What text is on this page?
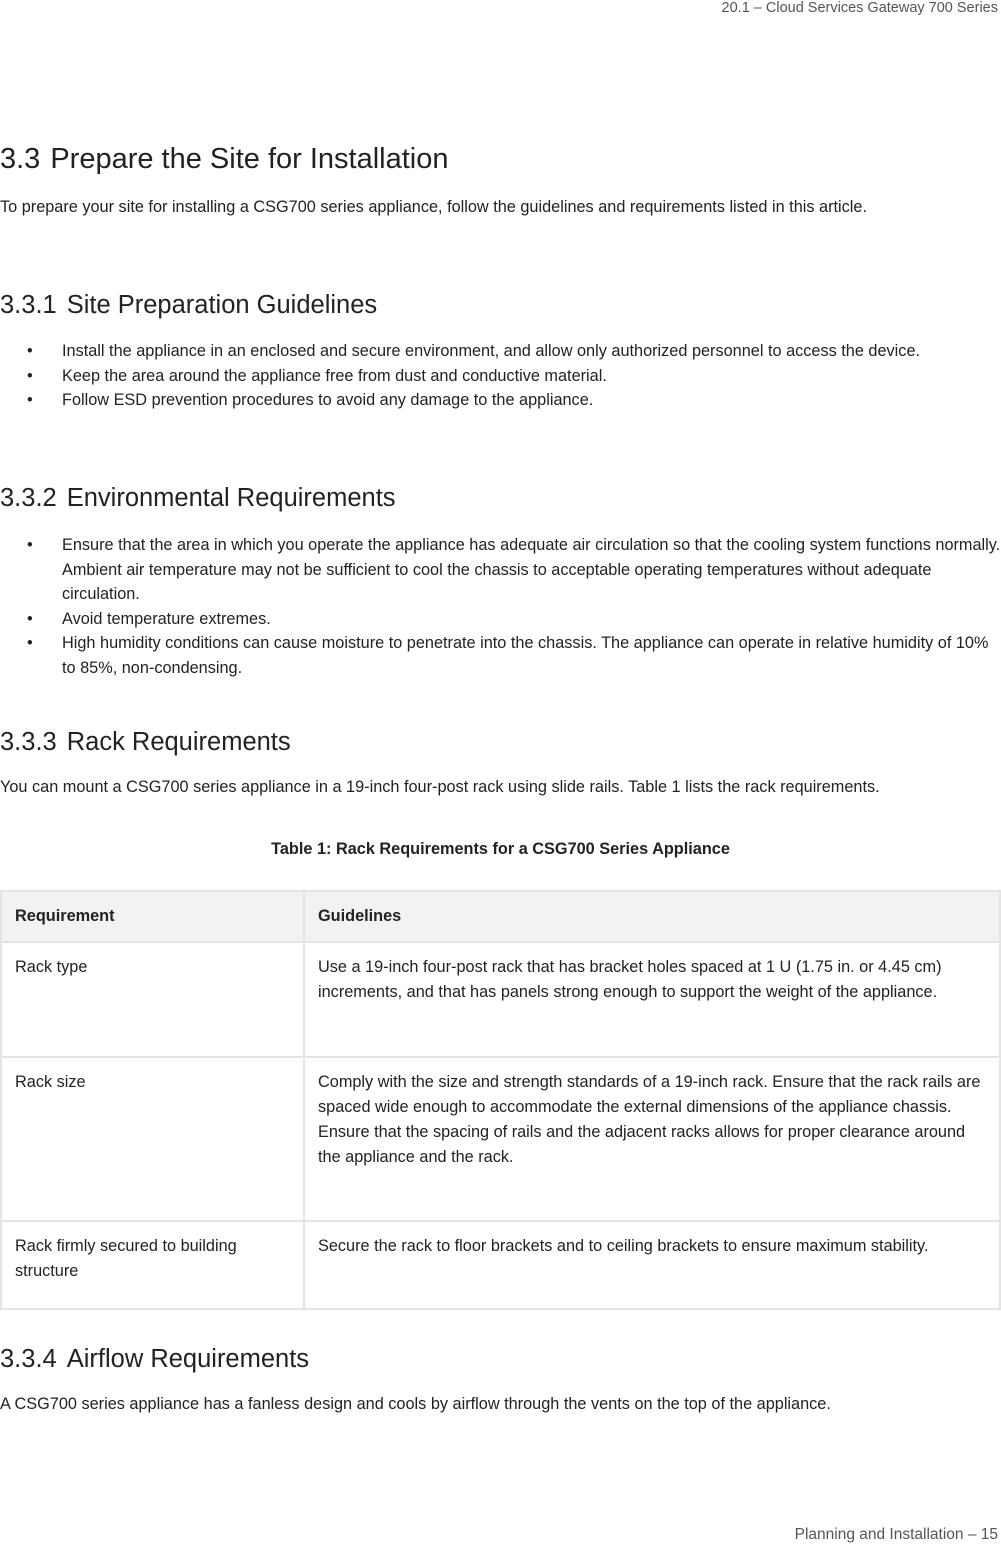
20.1 – Cloud Services Gateway 700 Series
3.3 Prepare the Site for Installation

To prepare your site for installing a CSG700 series appliance, follow the guidelines and requirements listed in this article.

3.3.1 Site Preparation Guidelines
• Install the appliance in an enclosed and secure environment, and allow only authorized personnel to access the device.
• Keep the area around the appliance free from dust and conductive material.
• Follow ESD prevention procedures to avoid any damage to the appliance.
3.3.2 Environmental Requirements
• Ensure that the area in which you operate the appliance has adequate air circulation so that the cooling system functions normally. Ambient air temperature may not be sufficient to cool the chassis to acceptable operating temperatures without adequate circulation.
• Avoid temperature extremes.
• High humidity conditions can cause moisture to penetrate into the chassis. The appliance can operate in relative humidity of 10% to 85%, non-condensing.
3.3.3 Rack Requirements

You can mount a CSG700 series appliance in a 19-inch four-post rack using slide rails. Table 1 lists the rack requirements.

Table 1: Rack Requirements for a CSG700 Series Appliance
Requirement	Guidelines
Rack type	Use a 19-inch four-post rack that has bracket holes spaced at 1 U (1.75 in. or 4.45 cm) increments, and that has panels strong enough to support the weight of the appliance.
Rack size	Comply with the size and strength standards of a 19-inch rack. Ensure that the rack rails are spaced wide enough to accommodate the external dimensions of the appliance chassis. Ensure that the spacing of rails and the adjacent racks allows for proper clearance around the appliance and the rack.
Rack firmly secured to building structure	Secure the rack to floor brackets and to ceiling brackets to ensure maximum stability.
3.3.4 Airflow Requirements

A CSG700 series appliance has a fanless design and cools by airflow through the vents on the top of the appliance.

Planning and Installation – 15
